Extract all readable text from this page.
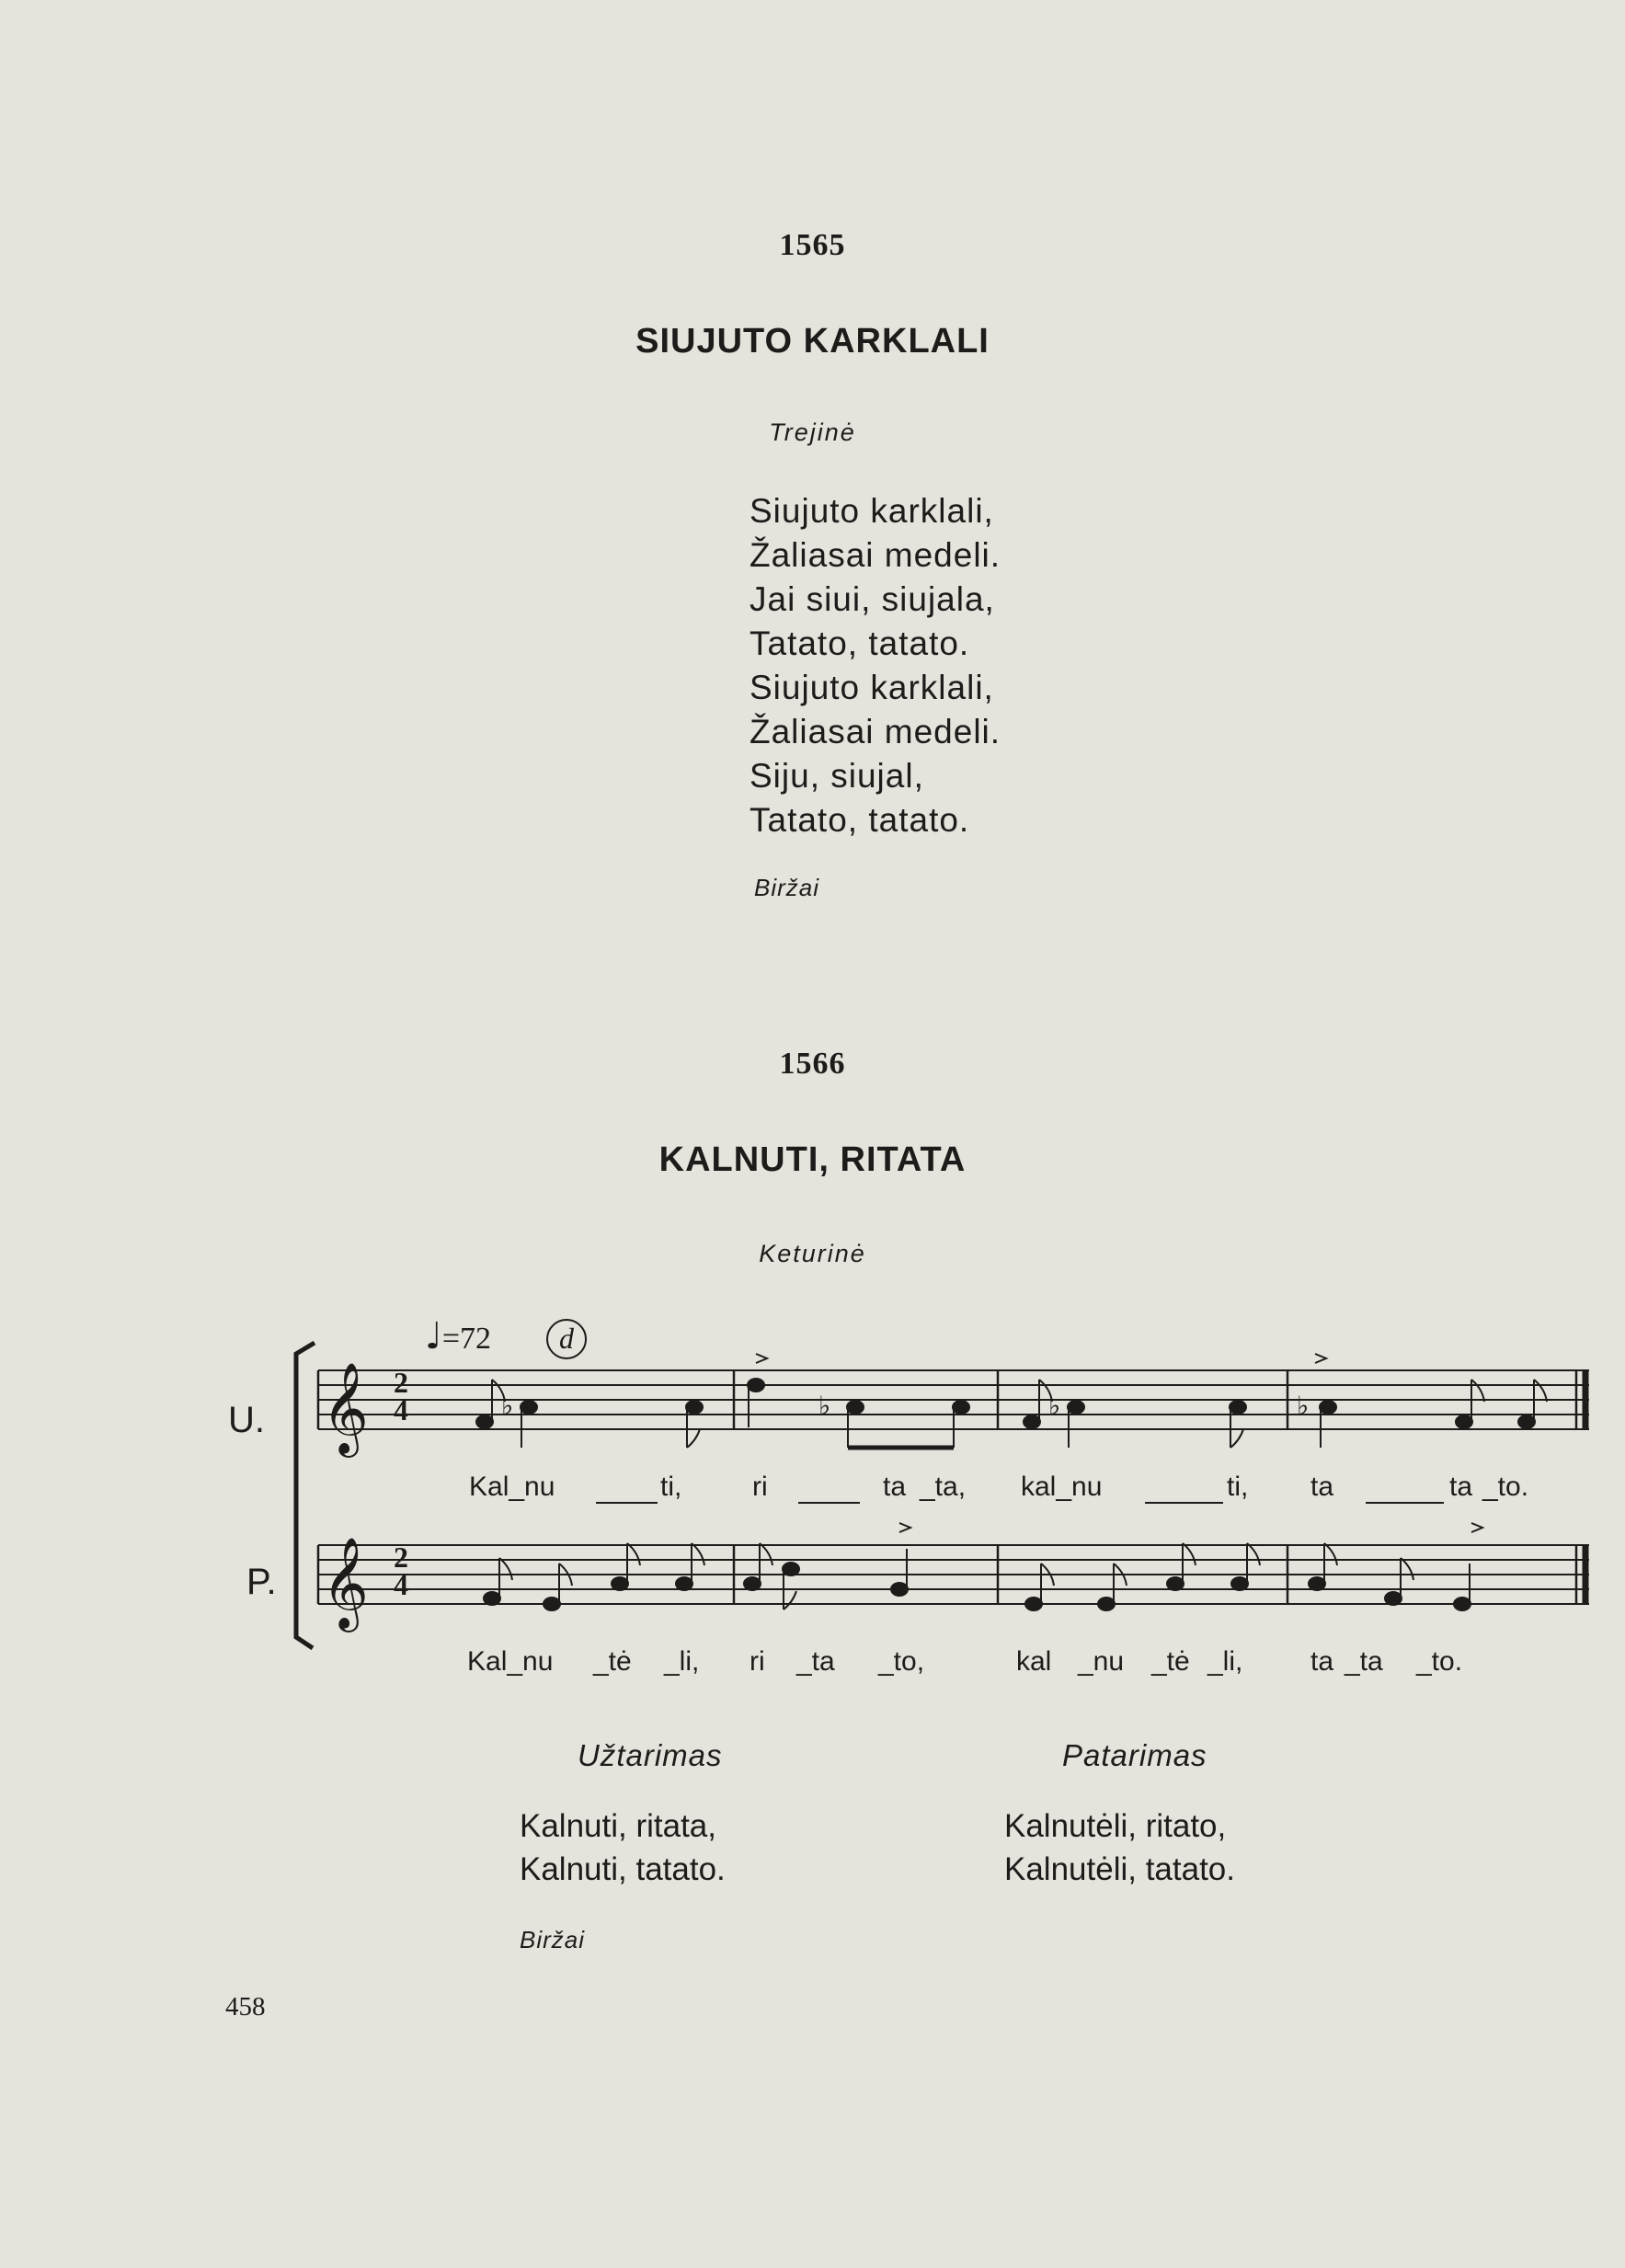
1565
SIUJUTO KARKLALI
Trejinė
Siujuto karklali,
Žaliasai medeli.
Jai siui, siujala,
Tatato, tatato.
Siujuto karklali,
Žaliasai medeli.
Siju, siujal,
Tatato, tatato.
Biržai
1566
KALNUTI, RITATA
Keturinė
♩=72	d
U.
P.
𝄞
𝄞
♭	♭	♭	♭
2
4
2
4
Kal_nu	ti,	ri	ta _ta, kal_nu	ti, ta	ta _to.
Kal_nu _tė _li, ri _ta _to,	kal _nu _tė _li, ta _ta _to.
Užtarimas	Patarimas
Kalnuti, ritata,
Kalnuti, tatato.
Kalnutėli, ritato,
Kalnutėli, tatato.
Biržai
458
